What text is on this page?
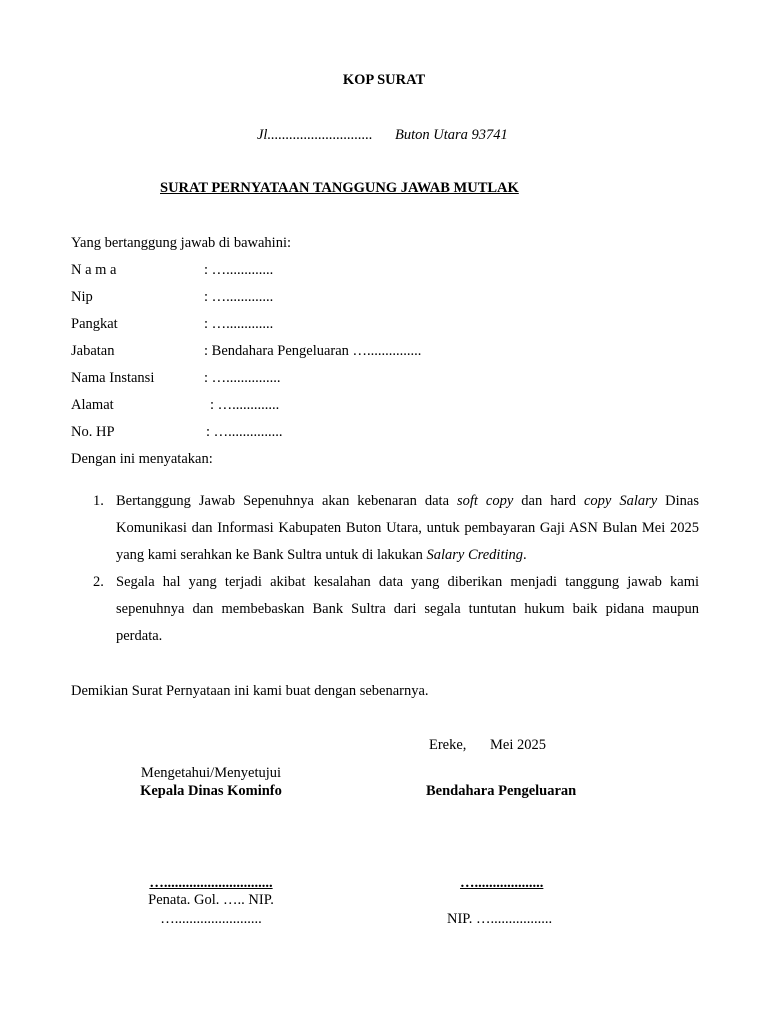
KOP SURAT
Jl............................. Buton Utara 93741
SURAT PERNYATAAN TANGGUNG JAWAB MUTLAK
Yang bertanggung jawab di bawahini:
N a m a	: ….............
Nip	: ….............
Pangkat	: ….............
Jabatan	: Bendahara Pengeluaran …...............
Nama Instansi	: …...............
Alamat	: ….............
No. HP	: …...............
Dengan ini menyatakan:
1. Bertanggung Jawab Sepenuhnya akan kebenaran data soft copy dan hard copy Salary Dinas Komunikasi dan Informasi Kabupaten Buton Utara, untuk pembayaran Gaji ASN Bulan Mei 2025 yang kami serahkan ke Bank Sultra untuk di lakukan Salary Crediting.
2. Segala hal yang terjadi akibat kesalahan data yang diberikan menjadi tanggung jawab kami sepenuhnya dan membebaskan Bank Sultra dari segala tuntutan hukum baik pidana maupun perdata.
Demikian Surat Pernyataan ini kami buat dengan sebenarnya.
Ereke, Mei 2025
Mengetahui/Menyetujui
Kepala Dinas Kominfo
…..............................
Penata. Gol. ….. NIP.
…........................
Bendahara Pengeluaran
…...................
NIP. ….................
